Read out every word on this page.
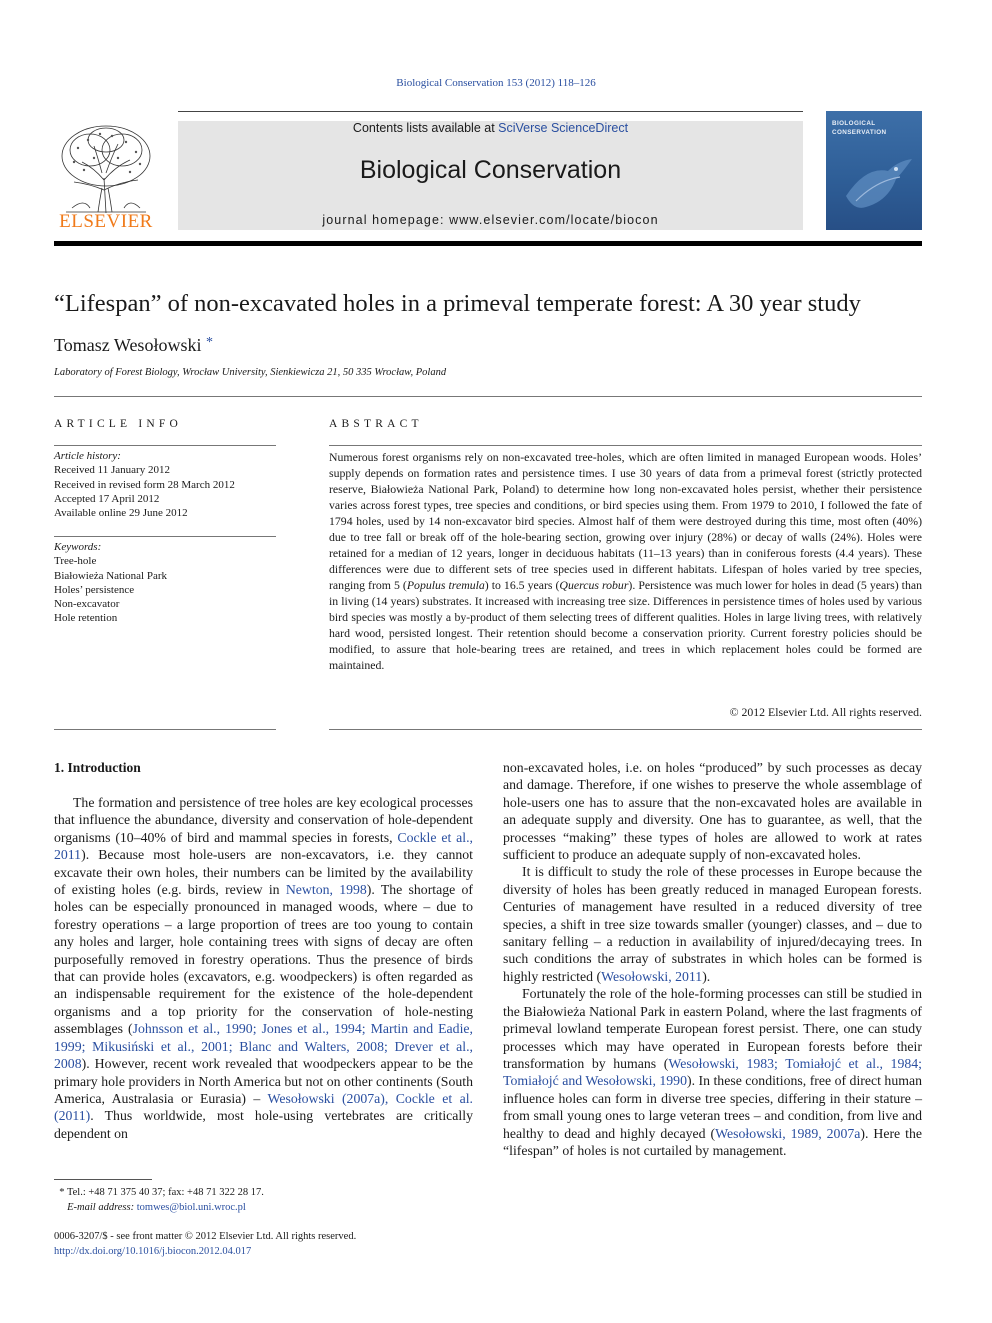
Biological Conservation 153 (2012) 118–126
ELSEVIER
Contents lists available at SciVerse ScienceDirect
Biological Conservation
journal homepage: www.elsevier.com/locate/biocon
BIOLOGICAL
CONSERVATION
“Lifespan” of non-excavated holes in a primeval temperate forest: A 30 year study
Tomasz Wesołowski *
Laboratory of Forest Biology, Wrocław University, Sienkiewicza 21, 50 335 Wrocław, Poland
ARTICLE INFO
Article history:
Received 11 January 2012
Received in revised form 28 March 2012
Accepted 17 April 2012
Available online 29 June 2012
Keywords:
Tree-hole
Białowieża National Park
Holes’ persistence
Non-excavator
Hole retention
ABSTRACT

Numerous forest organisms rely on non-excavated tree-holes, which are often limited in managed European woods. Holes’ supply depends on formation rates and persistence times. I use 30 years of data from a primeval forest (strictly protected reserve, Białowieża National Park, Poland) to determine how long non-excavated holes persist, whether their persistence varies across forest types, tree species and conditions, or bird species using them. From 1979 to 2010, I followed the fate of 1794 holes, used by 14 non-excavator bird species. Almost half of them were destroyed during this time, most often (40%) due to tree fall or break off of the hole-bearing section, growing over injury (28%) or decay of walls (24%). Holes were retained for a median of 12 years, longer in deciduous habitats (11–13 years) than in coniferous forests (4.4 years). These differences were due to different sets of tree species used in different habitats. Lifespan of holes varied by tree species, ranging from 5 (Populus tremula) to 16.5 years (Quercus robur). Persistence was much lower for holes in dead (5 years) than in living (14 years) substrates. It increased with increasing tree size. Differences in persistence times of holes used by various bird species was mostly a by-product of them selecting trees of different qualities. Holes in large living trees, with relatively hard wood, persisted longest. Their retention should become a conservation priority. Current forestry policies should be modified, to assure that hole-bearing trees are retained, and trees in which replacement holes could be formed are maintained.

© 2012 Elsevier Ltd. All rights reserved.
1. Introduction

The formation and persistence of tree holes are key ecological processes that influence the abundance, diversity and conservation of hole-dependent organisms (10–40% of bird and mammal species in forests, Cockle et al., 2011). Because most hole-users are non-excavators, i.e. they cannot excavate their own holes, their numbers can be limited by the availability of existing holes (e.g. birds, review in Newton, 1998). The shortage of holes can be especially pronounced in managed woods, where – due to forestry operations – a large proportion of trees are too young to contain any holes and larger, hole containing trees with signs of decay are often purposefully removed in forestry operations. Thus the presence of birds that can provide holes (excavators, e.g. woodpeckers) is often regarded as an indispensable requirement for the existence of the hole-dependent organisms and a top priority for the conservation of hole-nesting assemblages (Johnsson et al., 1990; Jones et al., 1994; Martin and Eadie, 1999; Mikusiński et al., 2001; Blanc and Walters, 2008; Drever et al., 2008). However, recent work revealed that woodpeckers appear to be the primary hole providers in North America but not on other continents (South America, Australasia or Eurasia) – Wesołowski (2007a), Cockle et al. (2011). Thus worldwide, most hole-using vertebrates are critically dependent on

non-excavated holes, i.e. on holes “produced” by such processes as decay and damage. Therefore, if one wishes to preserve the whole assemblage of hole-users one has to assure that the non-excavated holes are available in an adequate supply and diversity. One has to guarantee, as well, that the processes “making” these types of holes are allowed to work at rates sufficient to produce an adequate supply of non-excavated holes.

It is difficult to study the role of these processes in Europe because the diversity of holes has been greatly reduced in managed European forests. Centuries of management have resulted in a reduced diversity of tree species, a shift in tree size towards smaller (younger) classes, and – due to sanitary felling – a reduction in availability of injured/decaying trees. In such conditions the array of substrates in which holes can be formed is highly restricted (Wesołowski, 2011).

Fortunately the role of the hole-forming processes can still be studied in the Białowieża National Park in eastern Poland, where the last fragments of primeval lowland temperate European forest persist. There, one can study processes which may have operated in European forests before their transformation by humans (Wesołowski, 1983; Tomiałojć et al., 1984; Tomiałojć and Wesołowski, 1990). In these conditions, free of direct human influence holes can form in diverse tree species, differing in their stature – from small young ones to large veteran trees – and condition, from live and healthy to dead and highly decayed (Wesołowski, 1989, 2007a). Here the “lifespan” of holes is not curtailed by management.

* Tel.: +48 71 375 40 37; fax: +48 71 322 28 17.
E-mail address: tomwes@biol.uni.wroc.pl
0006-3207/$ - see front matter © 2012 Elsevier Ltd. All rights reserved.
http://dx.doi.org/10.1016/j.biocon.2012.04.017
